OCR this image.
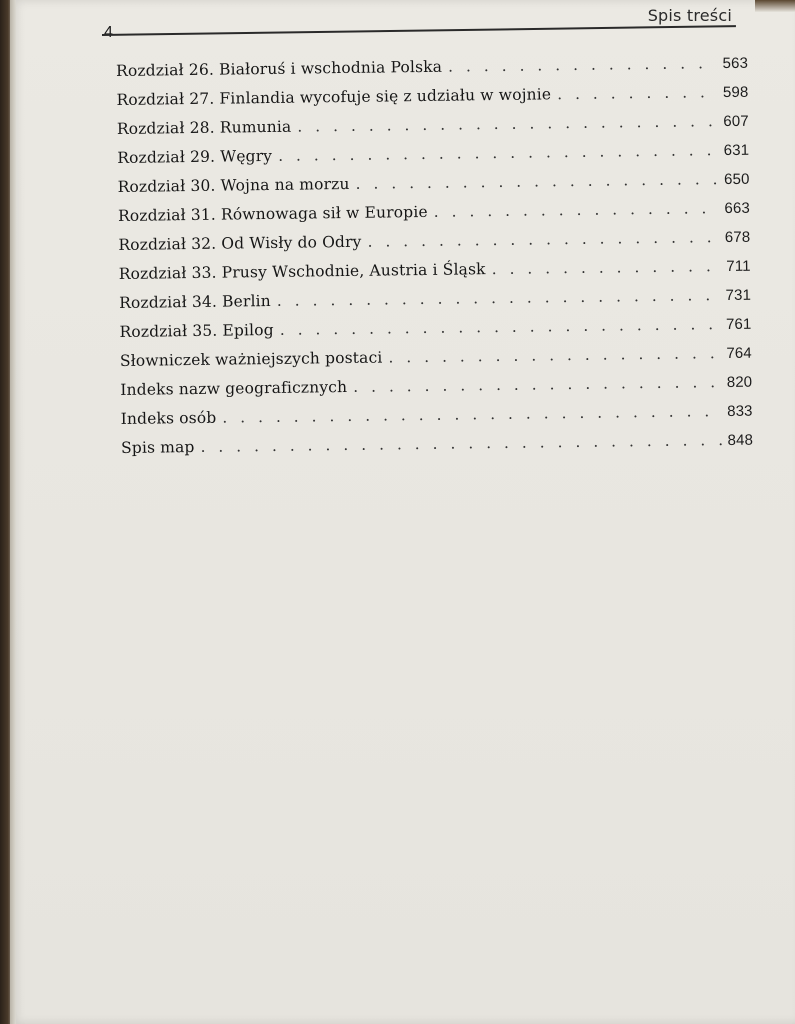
4
Spis treści
Rozdział 26. Białoruś i wschodnia Polska . . .	563
Rozdział 27. Finlandia wycofuje się z udziału w wojnie . . .	598
Rozdział 28. Rumunia . . .	607
Rozdział 29. Węgry . . .	631
Rozdział 30. Wojna na morzu . . .	650
Rozdział 31. Równowaga sił w Europie . . .	663
Rozdział 32. Od Wisły do Odry . . .	678
Rozdział 33. Prusy Wschodnie, Austria i Śląsk . . .	711
Rozdział 34. Berlin . . .	731
Rozdział 35. Epilog . . .	761
Słowniczek ważniejszych postaci . . .	764
Indeks nazw geograficznych . . .	820
Indeks osób . . .	833
Spis map . . .	848
